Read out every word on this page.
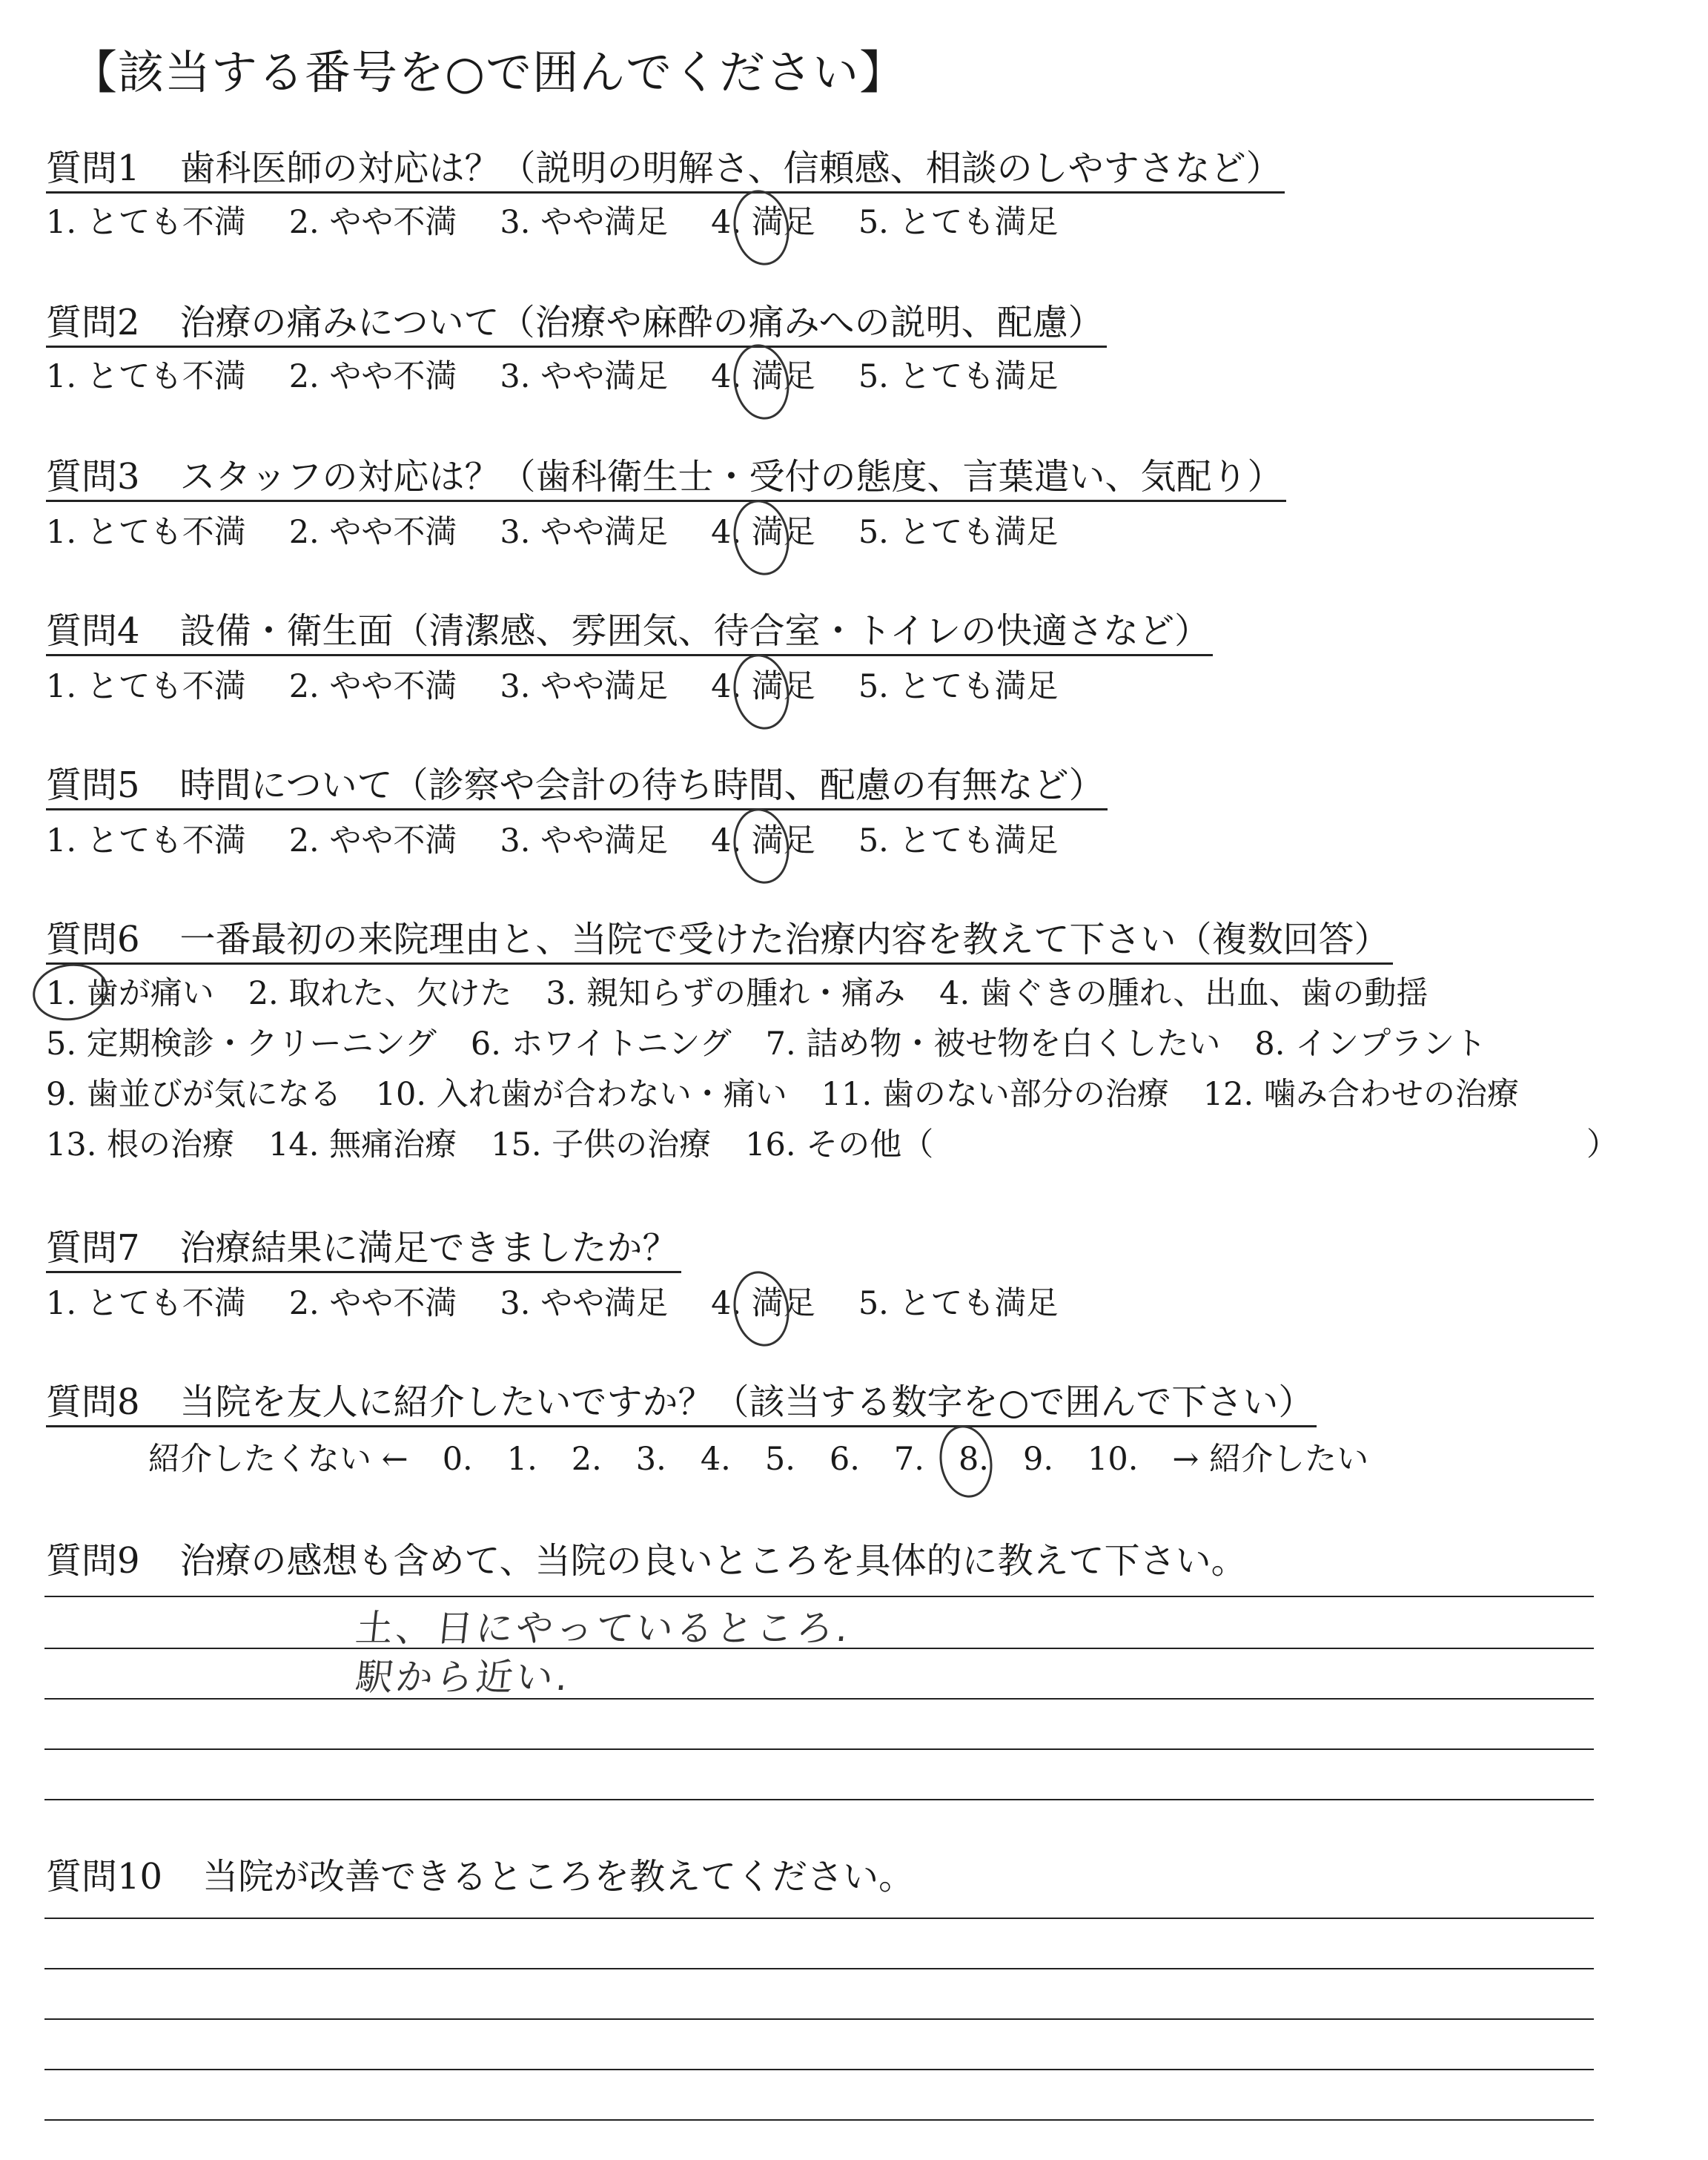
【該当する番号を○で囲んでください】
質問1 歯科医師の対応は？（説明の明解さ、信頼感、相談のしやすさなど）
1. とても不満 2. やや不満 3. やや満足 4. 満足 5. とても満足
質問2 治療の痛みについて（治療や麻酔の痛みへの説明、配慮）
1. とても不満 2. やや不満 3. やや満足 4. 満足 5. とても満足
質問3 スタッフの対応は？（歯科衛生士・受付の態度、言葉遣い、気配り）
1. とても不満 2. やや不満 3. やや満足 4. 満足 5. とても満足
質問4 設備・衛生面（清潔感、雰囲気、待合室・トイレの快適さなど）
1. とても不満 2. やや不満 3. やや満足 4. 満足 5. とても満足
質問5 時間について（診察や会計の待ち時間、配慮の有無など）
1. とても不満 2. やや不満 3. やや満足 4. 満足 5. とても満足
質問6 一番最初の来院理由と、当院で受けた治療内容を教えて下さい（複数回答）
1. 歯が痛い 2. 取れた、欠けた 3. 親知らずの腫れ・痛み 4. 歯ぐきの腫れ、出血、歯の動揺
5. 定期検診・クリーニング 6. ホワイトニング 7. 詰め物・被せ物を白くしたい 8. インプラント
9. 歯並びが気になる 10. 入れ歯が合わない・痛い 11. 歯のない部分の治療 12. 噛み合わせの治療
13. 根の治療 14. 無痛治療 15. 子供の治療 16. その他（	）
質問7 治療結果に満足できましたか？
1. とても不満 2. やや不満 3. やや満足 4. 満足 5. とても満足
質問8 当院を友人に紹介したいですか？（該当する数字を○で囲んで下さい）
紹介したくない ← 0. 1. 2. 3. 4. 5. 6. 7. 8. 9. 10. → 紹介したい
質問9 治療の感想も含めて、当院の良いところを具体的に教えて下さい。
土、日にやっているところ.
駅から近い.
質問10 当院が改善できるところを教えてください。
